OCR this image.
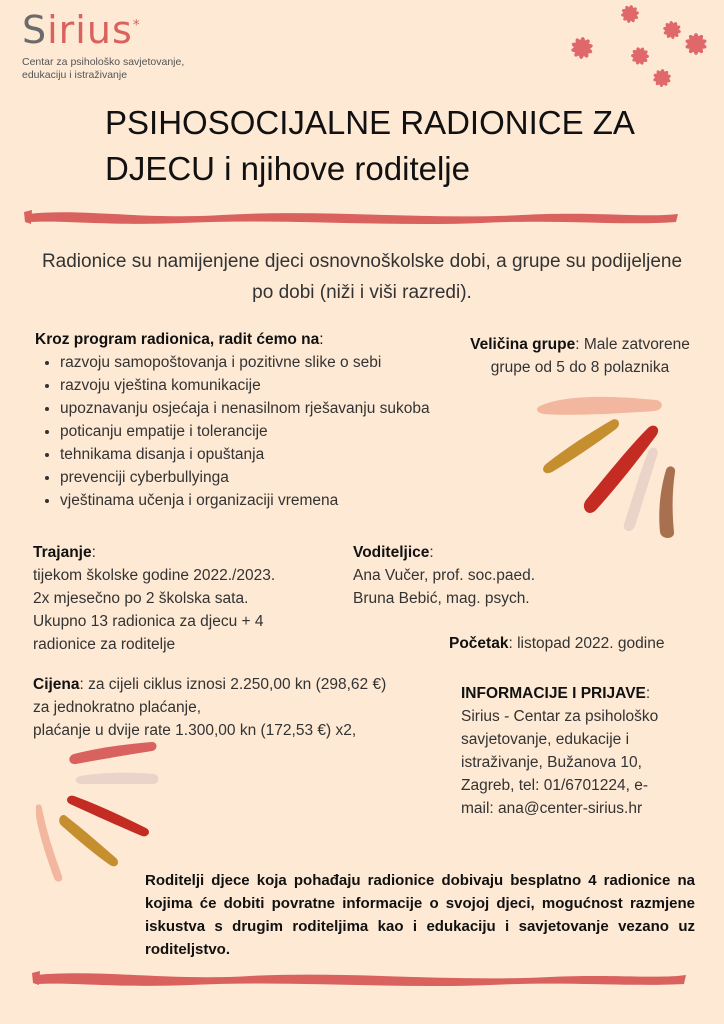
Sirius*
Centar za psihološko savjetovanje,
edukaciju i istraživanje
PSIHOSOCIJALNE RADIONICE ZA
DJECU i njihove roditelje
Radionice su namijenjene djeci osnovnoškolske dobi, a grupe su podijeljene po dobi (niži i viši razredi).
Kroz program radionica, radit ćemo na:
• razvoju samopoštovanja i pozitivne slike o sebi
• razvoju vještina komunikacije
• upoznavanju osjećaja i nenasilnom rješavanju sukoba
• poticanju empatije i tolerancije
• tehnikama disanja i opuštanja
• prevenciji cyberbullyinga
• vještinama učenja i organizaciji vremena
Veličina grupe: Male zatvorene grupe od 5 do 8 polaznika
Trajanje:
tijekom školske godine 2022./2023.
2x mjesečno po 2 školska sata.
Ukupno 13 radionica za djecu + 4
radionice za roditelje
Voditeljice:
Ana Vučer, prof. soc.paed.
Bruna Bebić, mag. psych.
Početak: listopad 2022. godine
Cijena: za cijeli ciklus iznosi 2.250,00 kn (298,62 €)
za jednokratno plaćanje,
plaćanje u dvije rate 1.300,00 kn (172,53 €) x2,
INFORMACIJE I PRIJAVE:
Sirius - Centar za psihološko
savjetovanje, edukacije i
istraživanje, Bužanova 10,
Zagreb, tel: 01/6701224, e-
mail: ana@center-sirius.hr
Roditelji djece koja pohađaju radionice dobivaju besplatno 4 radionice na kojima će dobiti povratne informacije o svojoj djeci, mogućnost razmjene iskustva s drugim roditeljima kao i edukaciju i savjetovanje vezano uz roditeljstvo.
